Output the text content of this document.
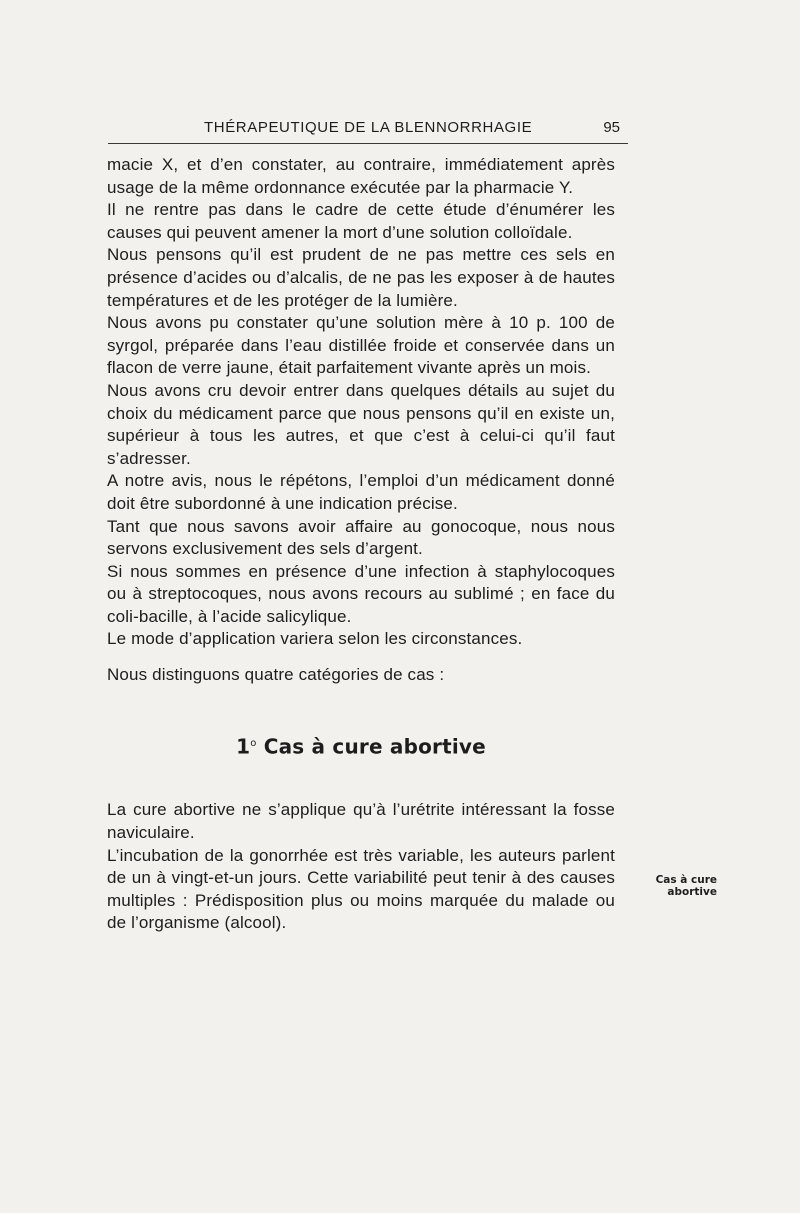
THÉRAPEUTIQUE DE LA BLENNORRHAGIE	95

macie X, et d’en constater, au contraire, immédiatement après usage de la même ordonnance exécutée par la pharmacie Y.

Il ne rentre pas dans le cadre de cette étude d’énumérer les causes qui peuvent amener la mort d’une solution colloïdale.

Nous pensons qu’il est prudent de ne pas mettre ces sels en présence d’acides ou d’alcalis, de ne pas les exposer à de hautes températures et de les protéger de la lumière.

Nous avons pu constater qu’une solution mère à 10 p. 100 de syrgol, préparée dans l’eau distillée froide et conservée dans un flacon de verre jaune, était parfaitement vivante après un mois.

Nous avons cru devoir entrer dans quelques détails au sujet du choix du médicament parce que nous pensons qu’il en existe un, supérieur à tous les autres, et que c’est à celui-ci qu’il faut s’adresser.

A notre avis, nous le répétons, l’emploi d’un médicament donné doit être subordonné à une indication précise.

Tant que nous savons avoir affaire au gonocoque, nous nous servons exclusivement des sels d’argent.

Si nous sommes en présence d’une infection à staphylocoques ou à streptocoques, nous avons recours au sublimé ; en face du coli-bacille, à l’acide salicylique.

Le mode d’application variera selon les circonstances.

Nous distinguons quatre catégories de cas :

1$^o$ Cas à cure abortive

La cure abortive ne s’applique qu’à l’urétrite intéressant la fosse naviculaire.

L’incubation de la gonorrhée est très variable, les auteurs parlent de un à vingt-et-un jours. Cette variabilité peut tenir à des causes multiples : Prédisposition plus ou moins marquée du malade ou de l’organisme (alcool).

Cas à cure
abortive
